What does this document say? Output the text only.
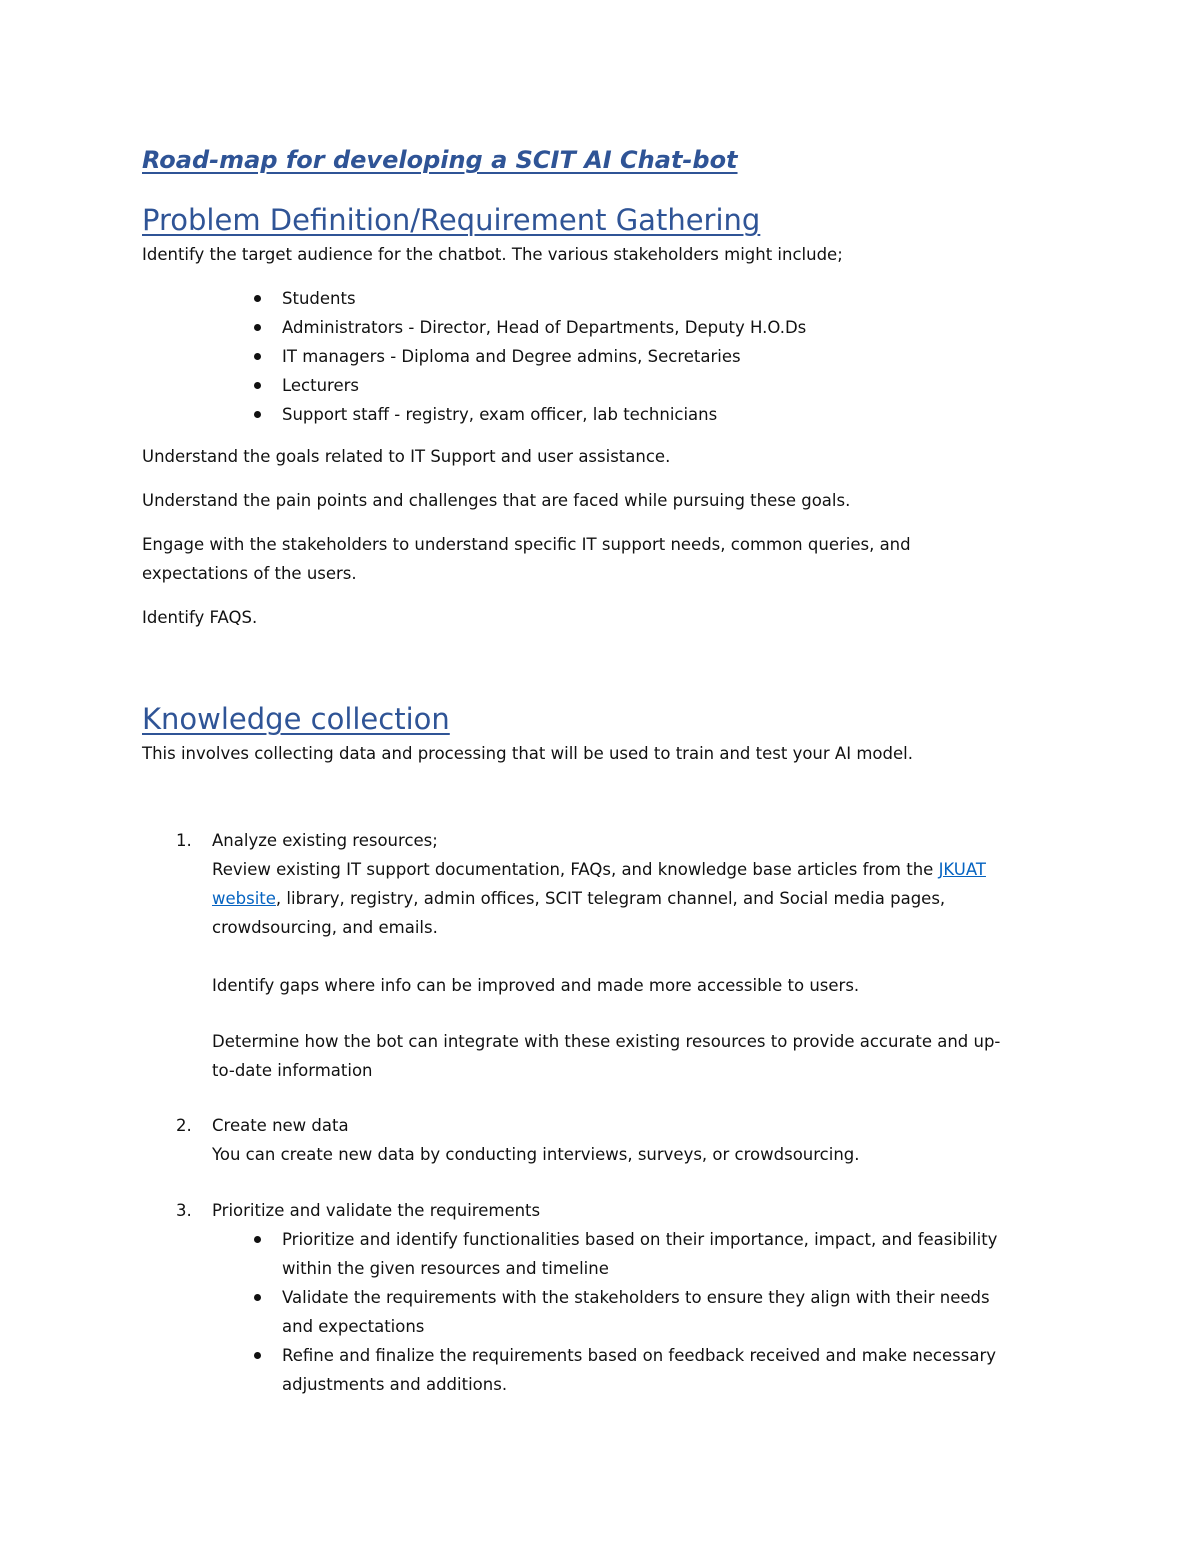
Road-map for developing a SCIT AI Chat-bot
Problem Definition/Requirement Gathering

Identify the target audience for the chatbot. The various stakeholders might include;

Students
Administrators - Director, Head of Departments, Deputy H.O.Ds
IT managers - Diploma and Degree admins, Secretaries
Lecturers
Support staff - registry, exam officer, lab technicians

Understand the goals related to IT Support and user assistance.

Understand the pain points and challenges that are faced while pursuing these goals.

Engage with the stakeholders to understand specific IT support needs, common queries, and
expectations of the users.

Identify FAQS.

Knowledge collection

This involves collecting data and processing that will be used to train and test your AI model.

1. Analyze existing resources;
Review existing IT support documentation, FAQs, and knowledge base articles from the JKUAT
website, library, registry, admin offices, SCIT telegram channel, and Social media pages,
crowdsourcing, and emails.
Identify gaps where info can be improved and made more accessible to users.
Determine how the bot can integrate with these existing resources to provide accurate and up-
to-date information
2. Create new data
You can create new data by conducting interviews, surveys, or crowdsourcing.
3. Prioritize and validate the requirements
Prioritize and identify functionalities based on their importance, impact, and feasibility
within the given resources and timeline
Validate the requirements with the stakeholders to ensure they align with their needs
and expectations
Refine and finalize the requirements based on feedback received and make necessary
adjustments and additions.
